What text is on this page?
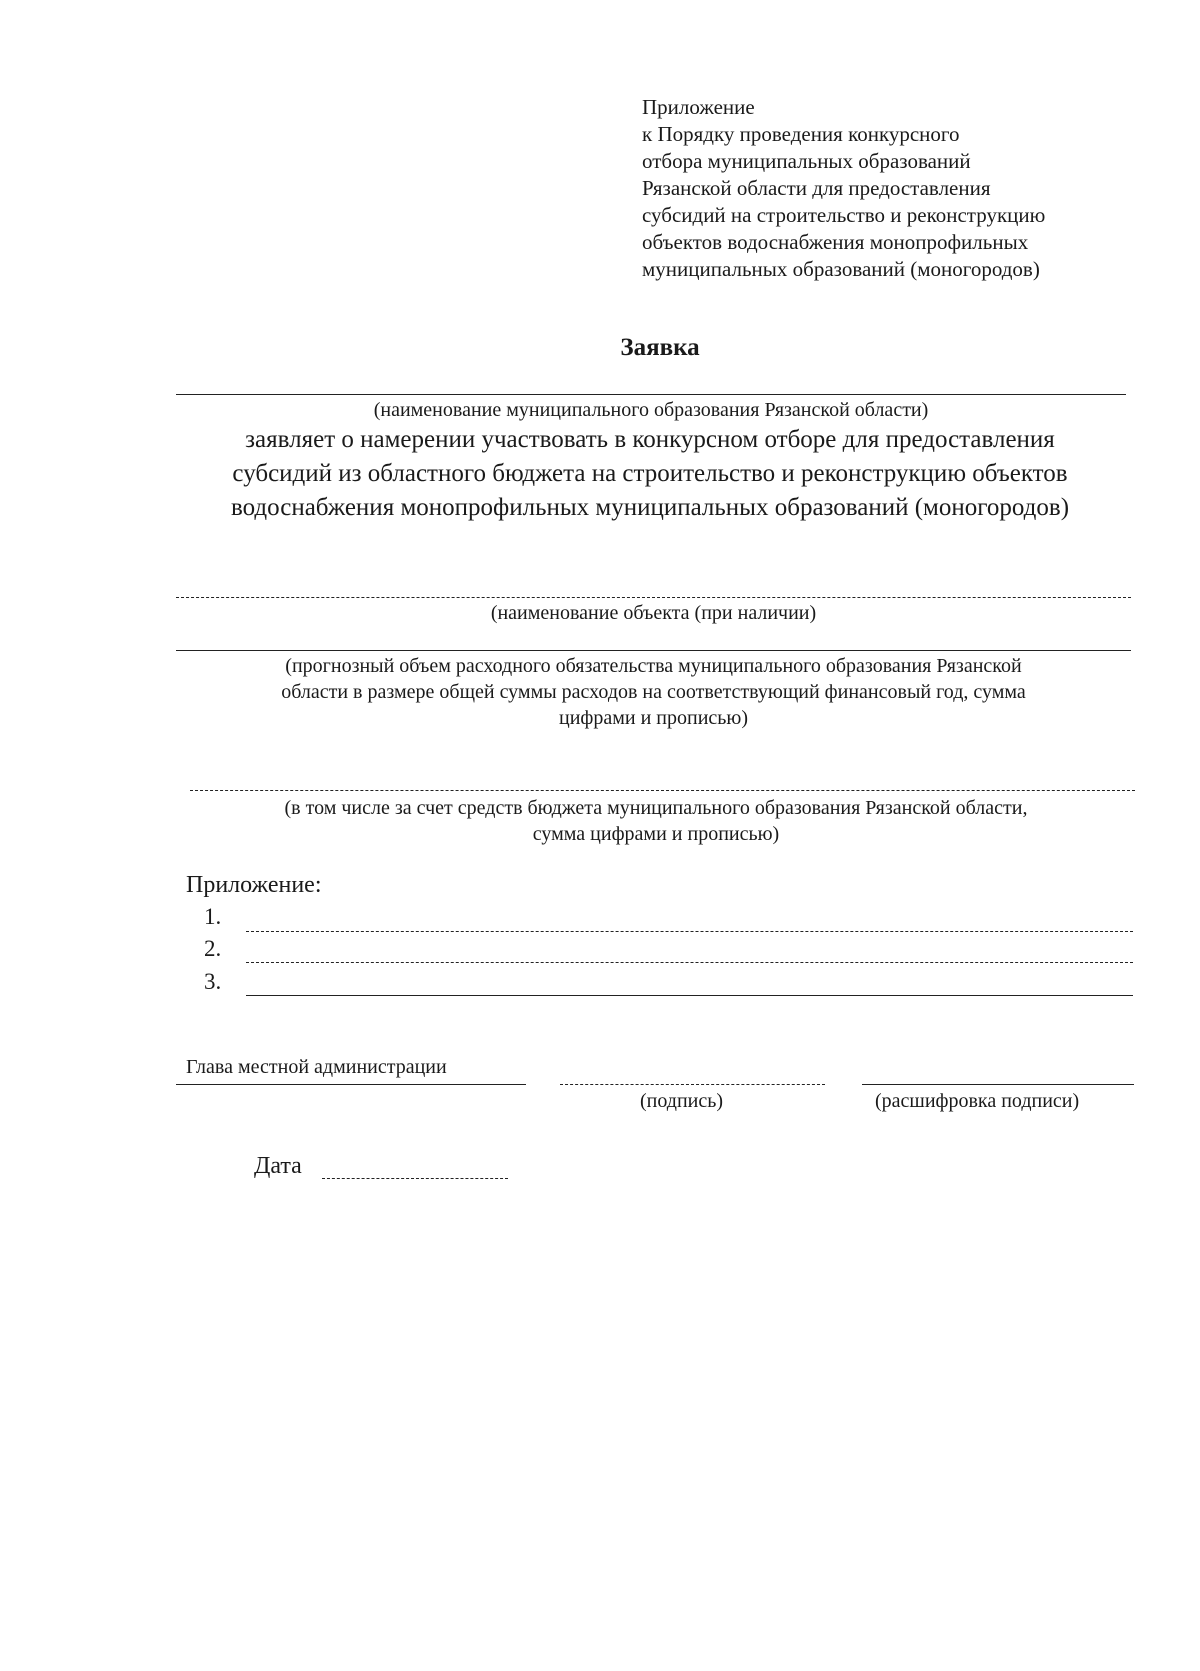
Приложение
к Порядку проведения конкурсного
отбора муниципальных образований
Рязанской области для предоставления
субсидий на строительство и реконструкцию
объектов водоснабжения монопрофильных
муниципальных образований (моногородов)
Заявка
(наименование муниципального образования Рязанской области)
заявляет о намерении участвовать в конкурсном отборе для предоставления
субсидий из областного бюджета на строительство и реконструкцию объектов
водоснабжения монопрофильных муниципальных образований (моногородов)
(наименование объекта (при наличии)
(прогнозный объем расходного обязательства муниципального образования Рязанской
области в размере общей суммы расходов на соответствующий финансовый год, сумма
цифрами и прописью)
(в том числе за счет средств бюджета муниципального образования Рязанской области,
сумма цифрами и прописью)
Приложение:
1.
2.
3.
Глава местной администрации
(подпись)	(расшифровка подписи)
Дата
